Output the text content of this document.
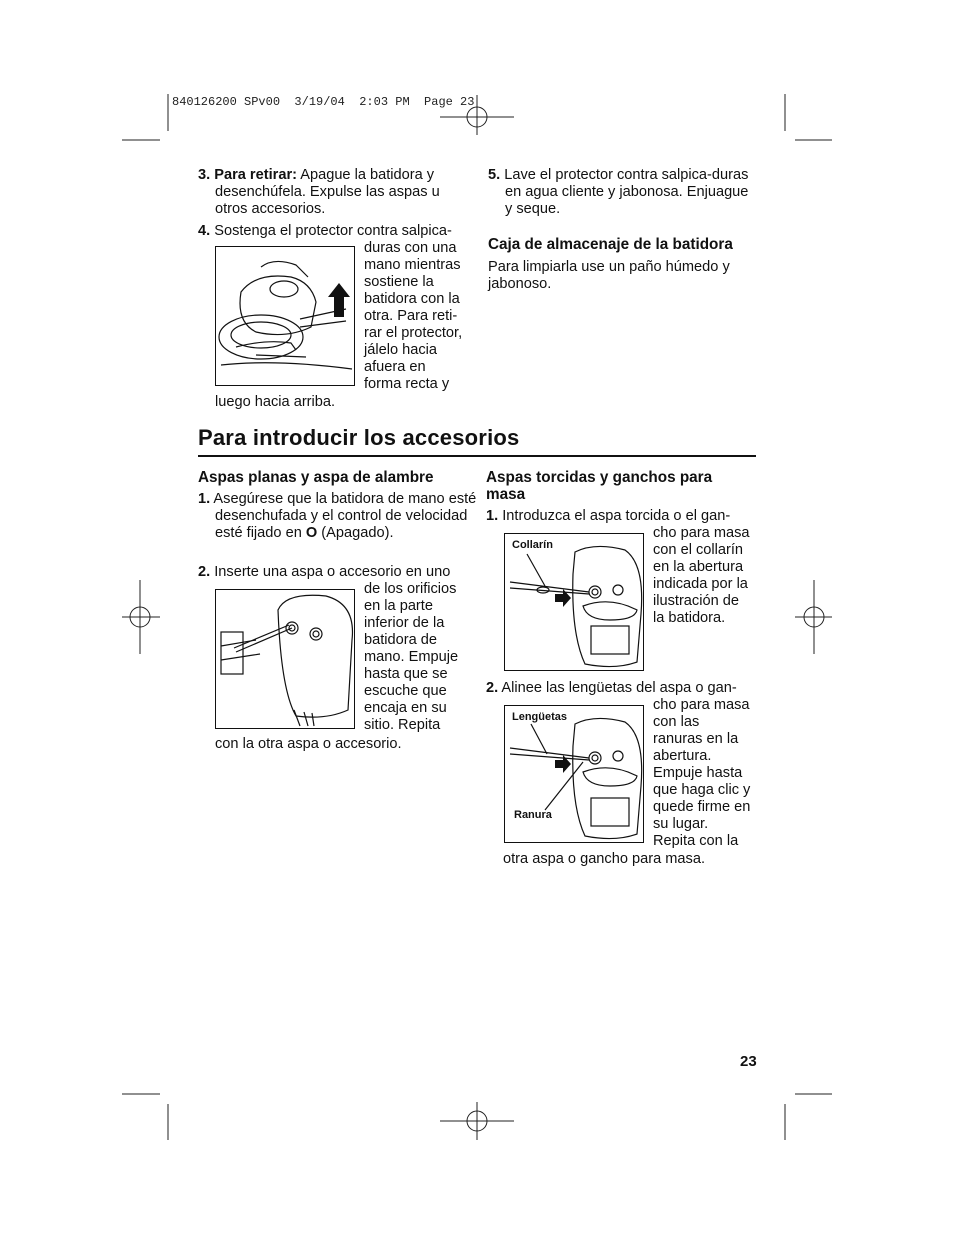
840126200 SPv00  3/19/04  2:03 PM  Page 23
3. Para retirar: Apague la batidora y desenchúfela. Expulse las aspas u otros accesorios.
4. Sostenga el protector contra salpica-
duras con una
mano mientras
sostiene la
batidora con la
otra. Para reti-
rar el protector,
jálelo hacia
afuera en
forma recta y
luego hacia arriba.
5. Lave el protector contra salpica-duras en agua cliente y jabonosa. Enjuague y seque.
Caja de almacenaje de la batidora
Para limpiarla use un paño húmedo y jabonoso.
Para introducir los accesorios
Aspas planas y aspa de alambre
1. Asegúrese que la batidora de mano esté desenchufada y el control de velocidad esté fijado en O (Apagado).
2. Inserte una aspa o accesorio en uno
de los orificios
en la parte
inferior de la
batidora de
mano. Empuje
hasta que se
escuche que
encaja en su
sitio. Repita
con la otra aspa o accesorio.
Aspas torcidas y ganchos para masa
1. Introduzca el aspa torcida o el gan-
Collarín
cho para masa
con el collarín
en la abertura
indicada por la
ilustración de
la batidora.
2. Alinee las lengüetas del aspa o gan-
Lengüetas
Ranura
cho para masa
con las
ranuras en la
abertura.
Empuje hasta
que haga clic y
quede firme en
su lugar.
Repita con la
otra aspa o gancho para masa.
23
